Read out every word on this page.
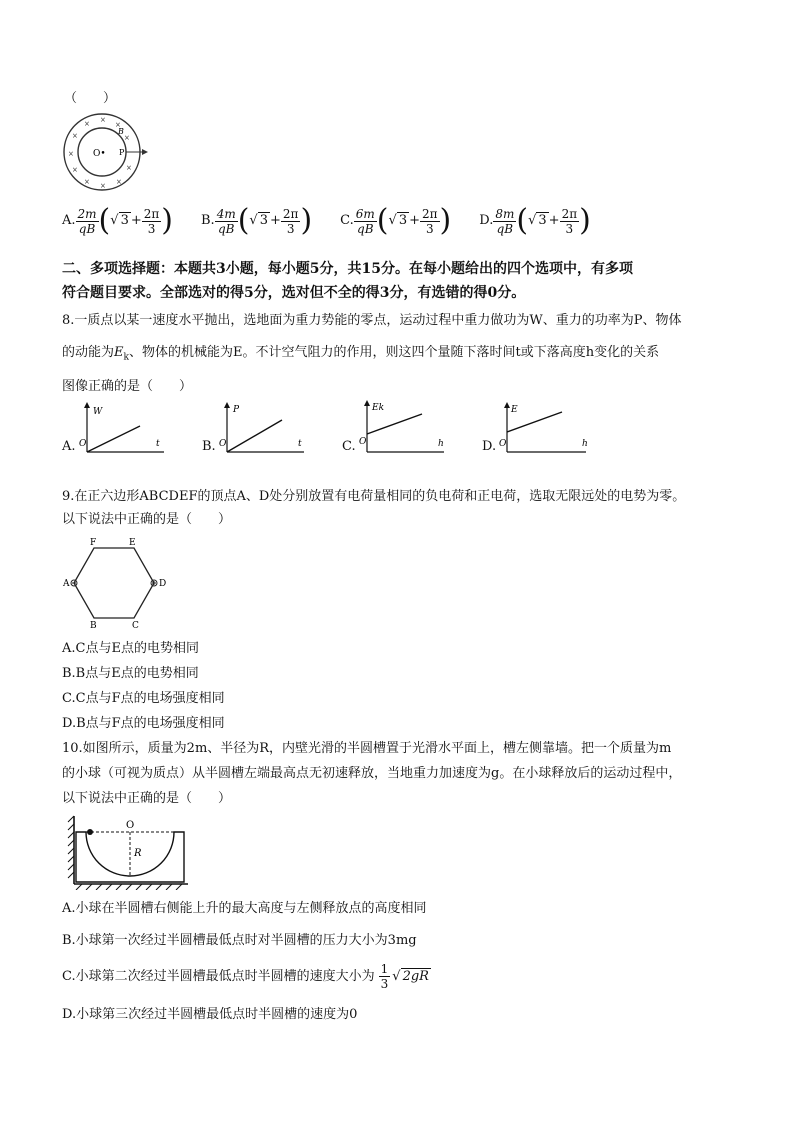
（　　）
× ×
×
×	×
×
×	×
× × ×
O•
B
P
A. $\frac{2m}{qB}$ ( √ $3 + \frac{2\pi}{3}$ ) B. $\frac{4m}{qB}$ ( √ $3 + \frac{2\pi}{3}$ ) C. $\frac{6m}{qB}$ ( √ $3 + \frac{2\pi}{3}$ ) D. $\frac{8m}{qB}$ ( √ $3 + \frac{2\pi}{3}$ )
二、多项选择题：本题共3小题，每小题5分，共15分。在每小题给出的四个选项中，有多项
符合题目要求。全部选对的得5分，选对但不全的得3分，有选错的得0分。
8.一质点以某一速度水平抛出，选地面为重力势能的零点，运动过程中重力做功为W、重力的功率为P、物体
的动能为$E_k$、物体的机械能为E。不计空气阻力的作用，则这四个量随下落时间t或下落高度h变化的关系
图像正确的是（　　）
W
t
O
A.
P
t
O
B.
Ek
h
O
C.
E
h
O
D.
9.在正六边形ABCDEF的顶点A、D处分别放置有电荷量相同的负电荷和正电荷，选取无限远处的电势为零。
以下说法中正确的是（　　）
F	E
A	D
B	C
A.C点与E点的电势相同
B.B点与E点的电势相同
C.C点与F点的电场强度相同
D.B点与F点的电场强度相同
10.如图所示，质量为2m、半径为R，内壁光滑的半圆槽置于光滑水平面上，槽左侧靠墙。把一个质量为m
的小球（可视为质点）从半圆槽左端最高点无初速释放，当地重力加速度为g。在小球释放后的运动过程中，
以下说法中正确的是（　　）
O
R
A.小球在半圆槽右侧能上升的最大高度与左侧释放点的高度相同
B.小球第一次经过半圆槽最低点时对半圆槽的压力大小为3mg
C.小球第二次经过半圆槽最低点时半圆槽的速度大小为 $\frac{1}{3}$ √ 2gR
D.小球第三次经过半圆槽最低点时半圆槽的速度为0
